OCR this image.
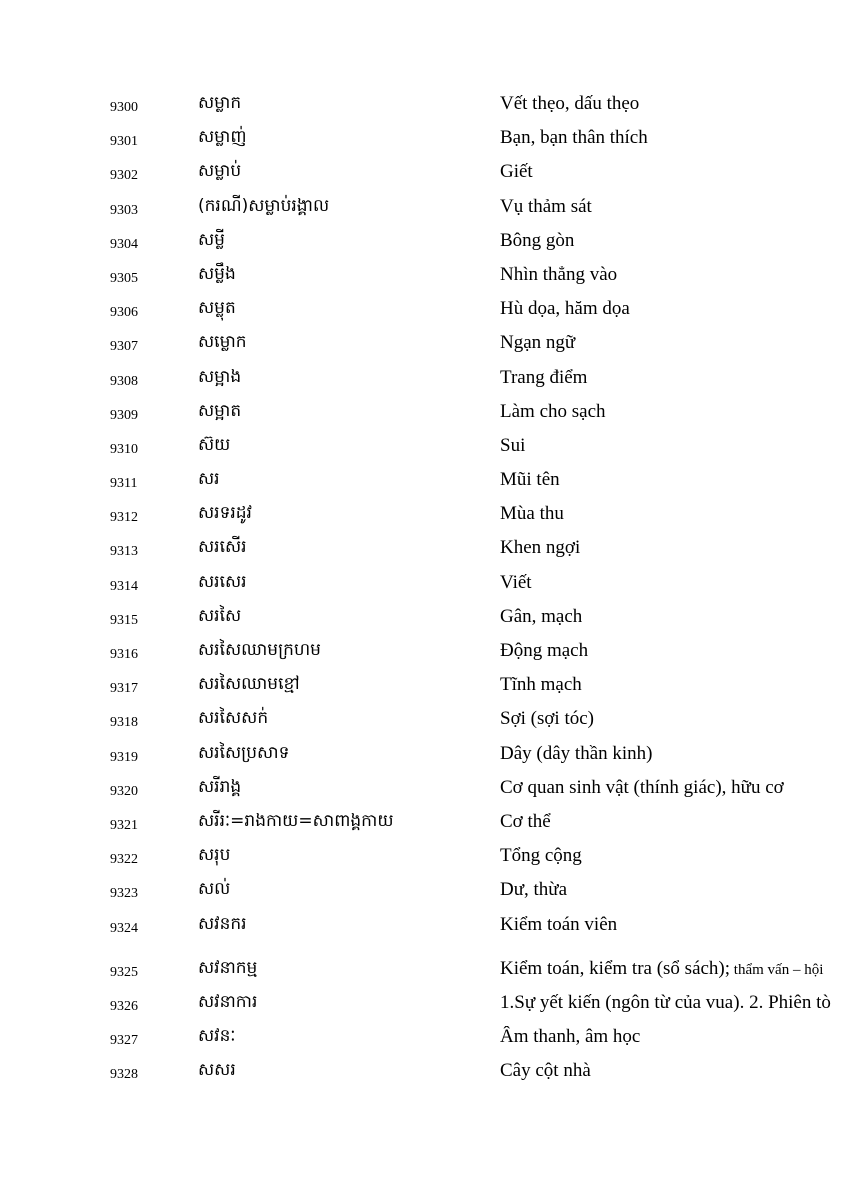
9300	សម្លាក	Vết thẹo, dấu thẹo
9301	សម្លាញ់	Bạn, bạn thân thích
9302	សម្លាប់	Giết
9303	(ករណី)សម្លាប់រង្គាល	Vụ thảm sát
9304	សម្លី	Bông gòn
9305	សម្លឹង	Nhìn thẳng vào
9306	សម្លុត	Hù dọa, hăm dọa
9307	សម្លោក	Ngạn ngữ
9308	សម្អាង	Trang điểm
9309	សម្អាត	Làm cho sạch
9310	ស៊យ	Sui
9311	សរ	Mũi tên
9312	សរទរដូវ	Mùa thu
9313	សរសើរ	Khen ngợi
9314	សរសេរ	Viết
9315	សរសៃ	Gân, mạch
9316	សរសៃឈាមក្រហម	Động mạch
9317	សរសៃឈាមខ្មៅ	Tĩnh mạch
9318	សរសៃសក់	Sợi (sợi tóc)
9319	សរសៃប្រសាទ	Dây (dây thần kinh)
9320	សរីរាង្គ	Cơ quan sinh vật (thính giác), hữu cơ
9321	សរីរៈ=រាងកាយ=សាពាង្គកាយ	Cơ thể
9322	សរុប	Tổng cộng
9323	សល់	Dư, thừa
9324	សវនករ	Kiểm toán viên
9325	សវនាកម្ម	Kiểm toán, kiểm tra (sổ sách); thẩm vấn – hội
9326	សវនាការ	1.Sự yết kiến (ngôn từ của vua). 2. Phiên tò
9327	សវនៈ	Âm thanh, âm học
9328	សសរ	Cây cột nhà
